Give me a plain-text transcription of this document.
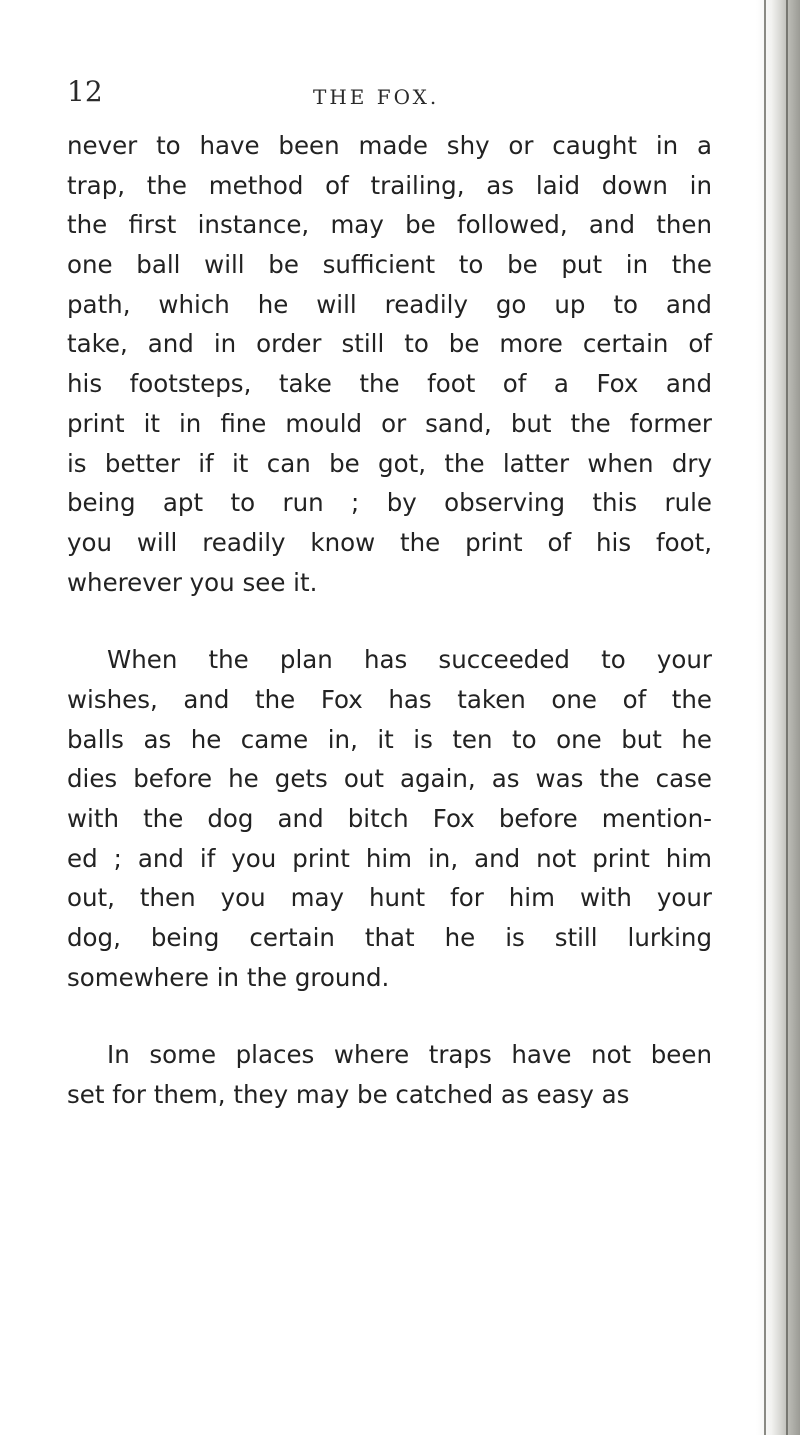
12	THE FOX.
never to have been made shy or caught in a
trap, the method of trailing, as laid down in
the first instance, may be followed, and then
one ball will be sufficient to be put in the
path, which he will readily go up to and
take, and in order still to be more certain of
his footsteps, take the foot of a Fox and
print it in fine mould or sand, but the former
is better if it can be got, the latter when dry
being apt to run ; by observing this rule
you will readily know the print of his foot,
wherever you see it.
When the plan has succeeded to your
wishes, and the Fox has taken one of the
balls as he came in, it is ten to one but he
dies before he gets out again, as was the case
with the dog and bitch Fox before mention-
ed ; and if you print him in, and not print him
out, then you may hunt for him with your
dog, being certain that he is still lurking
somewhere in the ground.
In some places where traps have not been
set for them, they may be catched as easy as
